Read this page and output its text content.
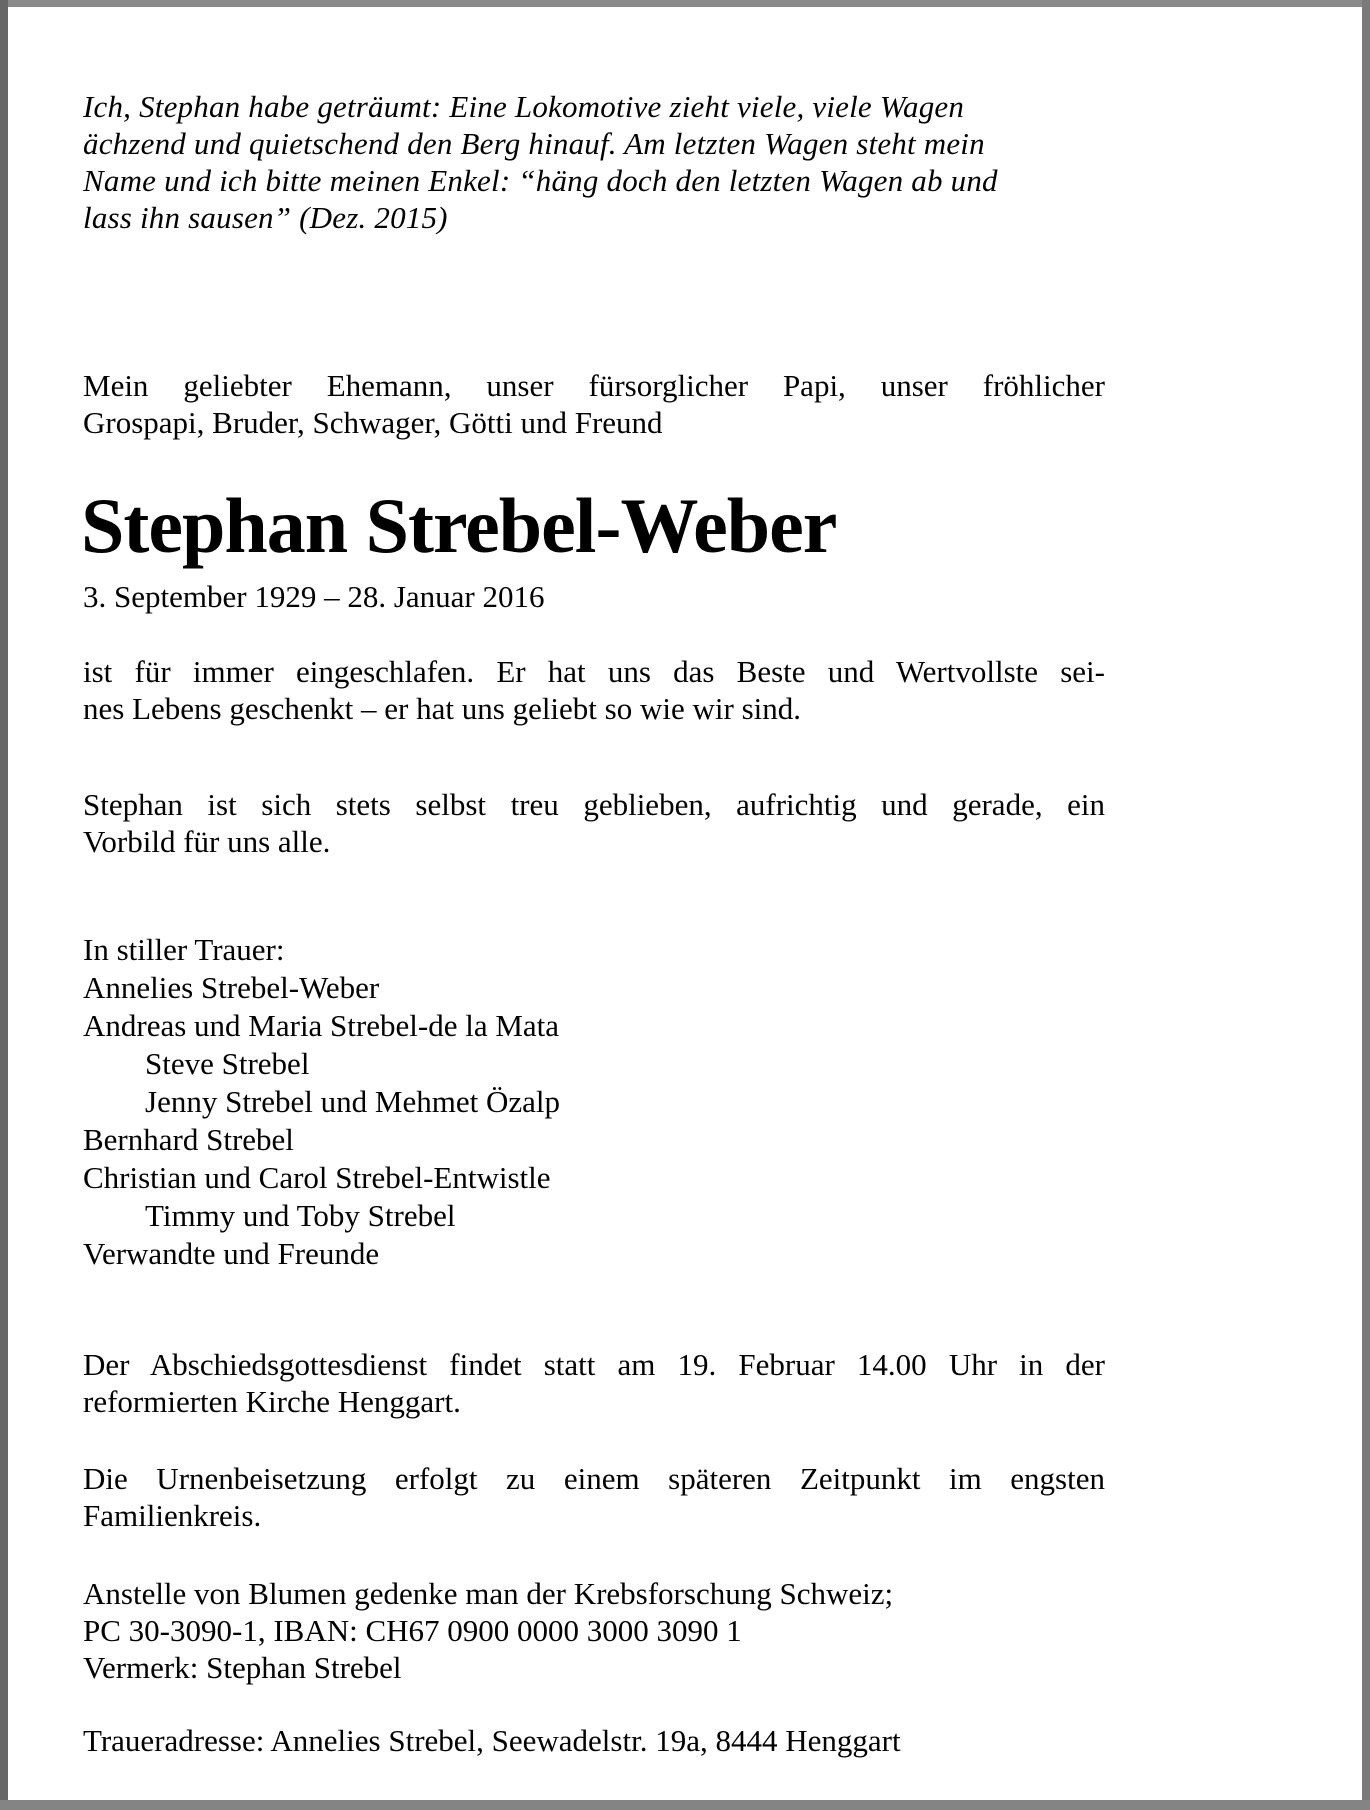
Ich, Stephan habe geträumt: Eine Lokomotive zieht viele, viele Wagen
ächzend und quietschend den Berg hinauf. Am letzten Wagen steht mein
Name und ich bitte meinen Enkel: “häng doch den letzten Wagen ab und
lass ihn sausen” (Dez. 2015)
Mein geliebter Ehemann, unser fürsorglicher Papi, unser fröhlicher
Grospapi, Bruder, Schwager, Götti und Freund
Stephan Strebel-Weber
3. September 1929 – 28. Januar 2016
ist für immer eingeschlafen. Er hat uns das Beste und Wertvollste sei-
nes Lebens geschenkt – er hat uns geliebt so wie wir sind.
Stephan ist sich stets selbst treu geblieben, aufrichtig und gerade, ein
Vorbild für uns alle.
In stiller Trauer:
Annelies Strebel-Weber
Andreas und Maria Strebel-de la Mata
Steve Strebel
Jenny Strebel und Mehmet Özalp
Bernhard Strebel
Christian und Carol Strebel-Entwistle
Timmy und Toby Strebel
Verwandte und Freunde
Der Abschiedsgottesdienst findet statt am 19. Februar 14.00 Uhr in der
reformierten Kirche Henggart.
Die Urnenbeisetzung erfolgt zu einem späteren Zeitpunkt im engsten
Familienkreis.
Anstelle von Blumen gedenke man der Krebsforschung Schweiz;
PC 30-3090-1, IBAN: CH67 0900 0000 3000 3090 1
Vermerk: Stephan Strebel
Traueradresse: Annelies Strebel, Seewadelstr. 19a, 8444 Henggart
